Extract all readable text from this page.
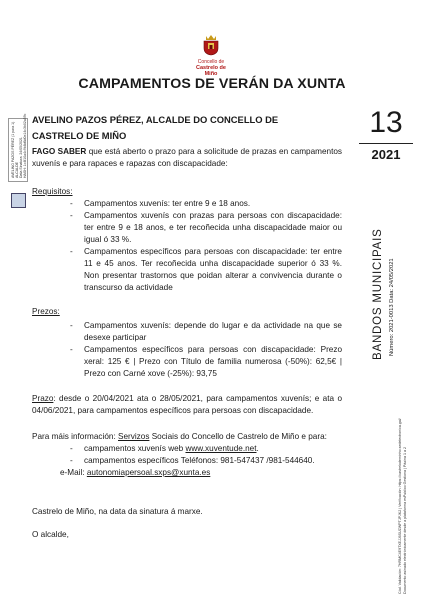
Concello de
Castrelo de Miño
CAMPAMENTOS DE VERÁN DA XUNTA
AVELINO PAZOS PÉREZ, ALCALDE DO CONCELLO DE CASTRELO DE MIÑO	13
2021
FAGO SABER que está aberto o prazo para a solicitude de prazas en campamentos xuvenís e para rapaces e rapazas con discapacidade:
Requisitos:
- Campamentos xuvenís: ter entre 9 e 18 anos.
- Campamentos xuvenís con prazas para persoas con discapacidade: ter entre 9 e 18 anos, e ter recoñecida unha discapacidade maior ou igual ó 33 %.
- Campamentos específicos para persoas con discapacidade: ter entre 11 e 45 anos. Ter recoñecida unha discapacidade superior ó 33 %. Non presentar trastornos que poidan alterar a convivencia durante o transcurso da actividade
Prezos:
- Campamentos xuvenís: depende do lugar e da actividade na que se desexe participar
- Campamentos específicos para persoas con discapacidade: Prezo xeral: 125 € | Prezo con Título de familia numerosa (-50%): 62,5€ | Prezo con Carné xove (-25%): 93,75
Prazo: desde o 20/04/2021 ata o 28/05/2021, para campamentos xuvenís; e ata o 04/06/2021, para campamentos específicos para persoas con discapacidade.
Para máis información: Servizos Sociais do Concello de Castrelo de Miño e para:
- campamentos xuvenís web www.xuventude.net.
- campamentos específicos Teléfonos: 981-547437 /981-544640.
e-Mail: autonomiapersoal.sxps@xunta.es
Castrelo de Miño, na data da sinatura á marxe.
O alcalde,
BANDOS MUNICIPAIS Número: 2021-0013 Data: 24/05/2021
Cód. Validación: 7HRMC4E9TXEJJ6SUZWPTJPJK2 | Verificación: https://castrelodeminho.sedelectronica.gal/ Documento asinado electrónicamente desde a plataforma esPublico Gestiona | Páxina 1 a 2
AVELINO PAZOS PÉREZ (1 para 1) ALCALDE Data Sinatura: 24/05/2021 HASH: 1c4f10a4c9b8d6d0e14c3b02a59c
